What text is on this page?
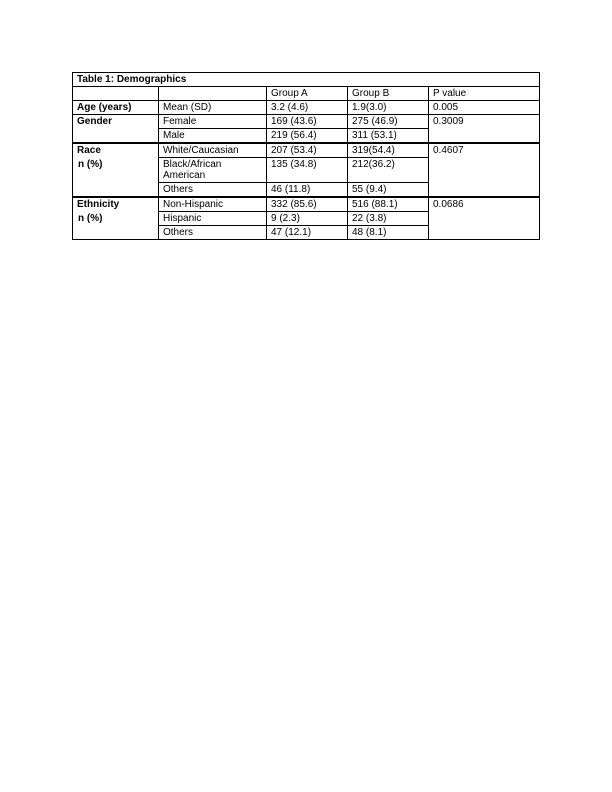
Table 1: Demographics				
		Group A	Group B	P value
Age (years)	Mean (SD)	3.2 (4.6)	1.9(3.0)	0.005
Gender	Female	169 (43.6)	275 (46.9)	0.3009
	Male	219 (56.4)	311 (53.1)	
Race	White/Caucasian	207 (53.4)	319(54.4)	0.4607
n (%)	Black/African American	135 (34.8)	212(36.2)	
	Others	46 (11.8)	55 (9.4)	
Ethnicity	Non-Hispanic	332 (85.6)	516 (88.1)	0.0686
n (%)	Hispanic	9 (2.3)	22 (3.8)	
	Others	47 (12.1)	48 (8.1)	
